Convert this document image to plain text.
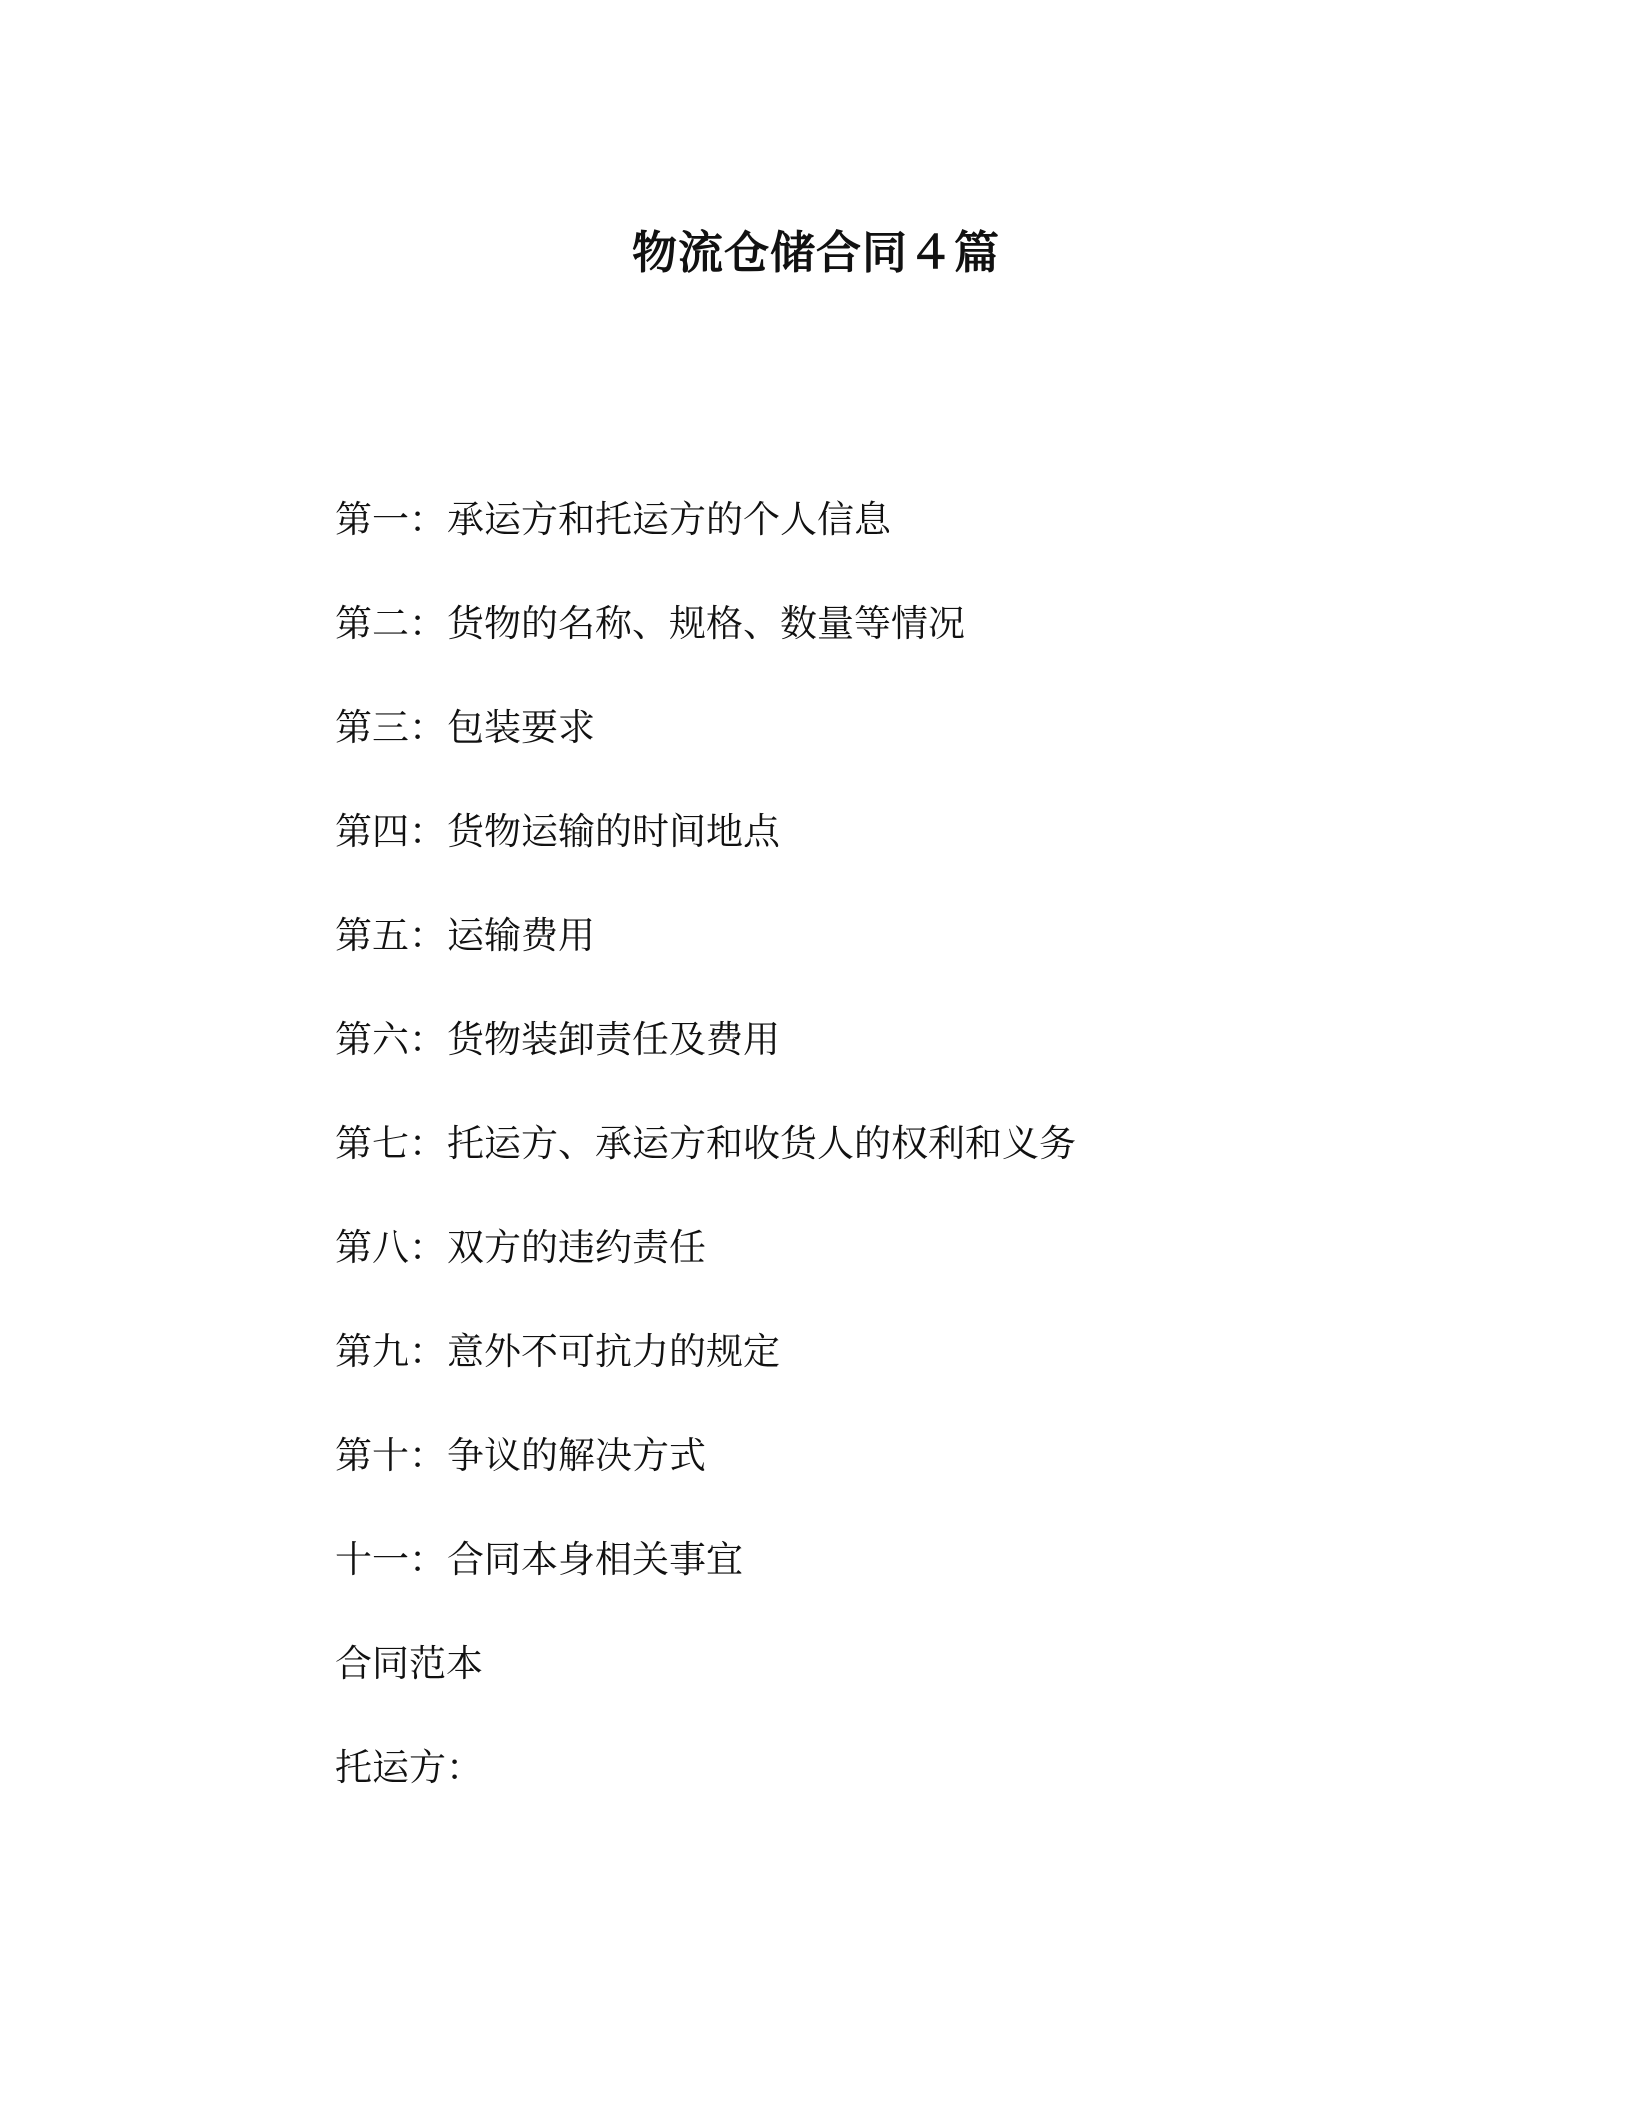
物流仓储合同４篇
第一 ： 承运方和托运方的个人信息
第二 ： 货物的名称、规格、数量等情况
第三 ： 包装要求
第四 ： 货物运输的时间地点
第五 ： 运输费用
第六 ： 货物装卸责任及费用
第七 ： 托运方、承运方和收货人的权利和义务
第八 ： 双方的违约责任
第九 ： 意外不可抗力的规定
第十 ： 争议的解决方式
十一 ： 合同本身相关事宜
合同范本
托运方：
